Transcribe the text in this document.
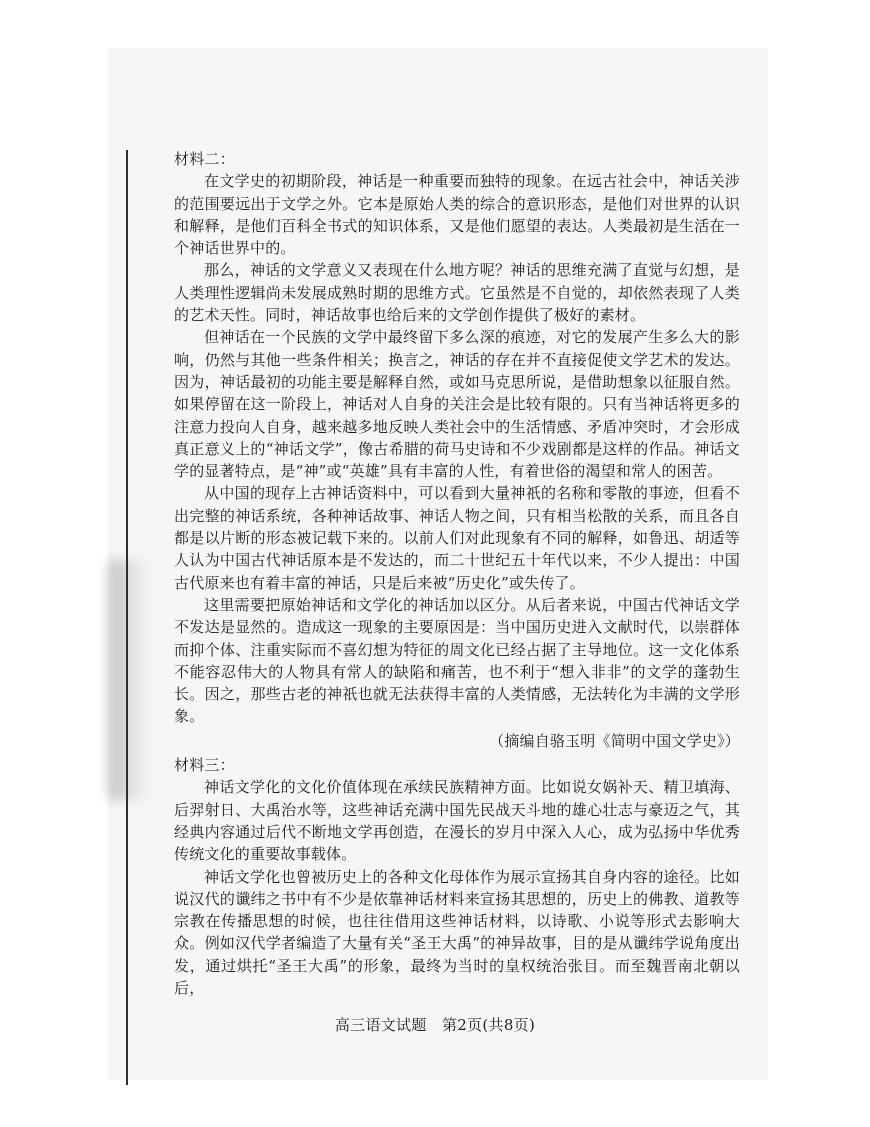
材料二：

在文学史的初期阶段，神话是一种重要而独特的现象。在远古社会中，神话关涉的范围要远出于文学之外。它本是原始人类的综合的意识形态，是他们对世界的认识和解释，是他们百科全书式的知识体系，又是他们愿望的表达。人类最初是生活在一个神话世界中的。

那么，神话的文学意义又表现在什么地方呢？神话的思维充满了直觉与幻想，是人类理性逻辑尚未发展成熟时期的思维方式。它虽然是不自觉的，却依然表现了人类的艺术天性。同时，神话故事也给后来的文学创作提供了极好的素材。

但神话在一个民族的文学中最终留下多么深的痕迹，对它的发展产生多么大的影响，仍然与其他一些条件相关；换言之，神话的存在并不直接促使文学艺术的发达。因为，神话最初的功能主要是解释自然，或如马克思所说，是借助想象以征服自然。如果停留在这一阶段上，神话对人自身的关注会是比较有限的。只有当神话将更多的注意力投向人自身，越来越多地反映人类社会中的生活情感、矛盾冲突时，才会形成真正意义上的“神话文学”，像古希腊的荷马史诗和不少戏剧都是这样的作品。神话文学的显著特点，是“神”或“英雄”具有丰富的人性，有着世俗的渴望和常人的困苦。

从中国的现存上古神话资料中，可以看到大量神祇的名称和零散的事迹，但看不出完整的神话系统，各种神话故事、神话人物之间，只有相当松散的关系，而且各自都是以片断的形态被记载下来的。以前人们对此现象有不同的解释，如鲁迅、胡适等人认为中国古代神话原本是不发达的，而二十世纪五十年代以来，不少人提出：中国古代原来也有着丰富的神话，只是后来被“历史化”或失传了。

这里需要把原始神话和文学化的神话加以区分。从后者来说，中国古代神话文学不发达是显然的。造成这一现象的主要原因是：当中国历史进入文献时代，以崇群体而抑个体、注重实际而不喜幻想为特征的周文化已经占据了主导地位。这一文化体系不能容忍伟大的人物具有常人的缺陷和痛苦，也不利于“想入非非”的文学的蓬勃生长。因之，那些古老的神祇也就无法获得丰富的人类情感，无法转化为丰满的文学形象。

（摘编自骆玉明《简明中国文学史》）

材料三：

神话文学化的文化价值体现在承续民族精神方面。比如说女娲补天、精卫填海、后羿射日、大禹治水等，这些神话充满中国先民战天斗地的雄心壮志与豪迈之气，其经典内容通过后代不断地文学再创造，在漫长的岁月中深入人心，成为弘扬中华优秀传统文化的重要故事载体。

神话文学化也曾被历史上的各种文化母体作为展示宣扬其自身内容的途径。比如说汉代的谶纬之书中有不少是依靠神话材料来宣扬其思想的，历史上的佛教、道教等宗教在传播思想的时候，也往往借用这些神话材料，以诗歌、小说等形式去影响大众。例如汉代学者编造了大量有关“圣王大禹”的神异故事，目的是从谶纬学说角度出发，通过烘托“圣王大禹”的形象，最终为当时的皇权统治张目。而至魏晋南北朝以后，

高三语文试题　第2页(共8页)
